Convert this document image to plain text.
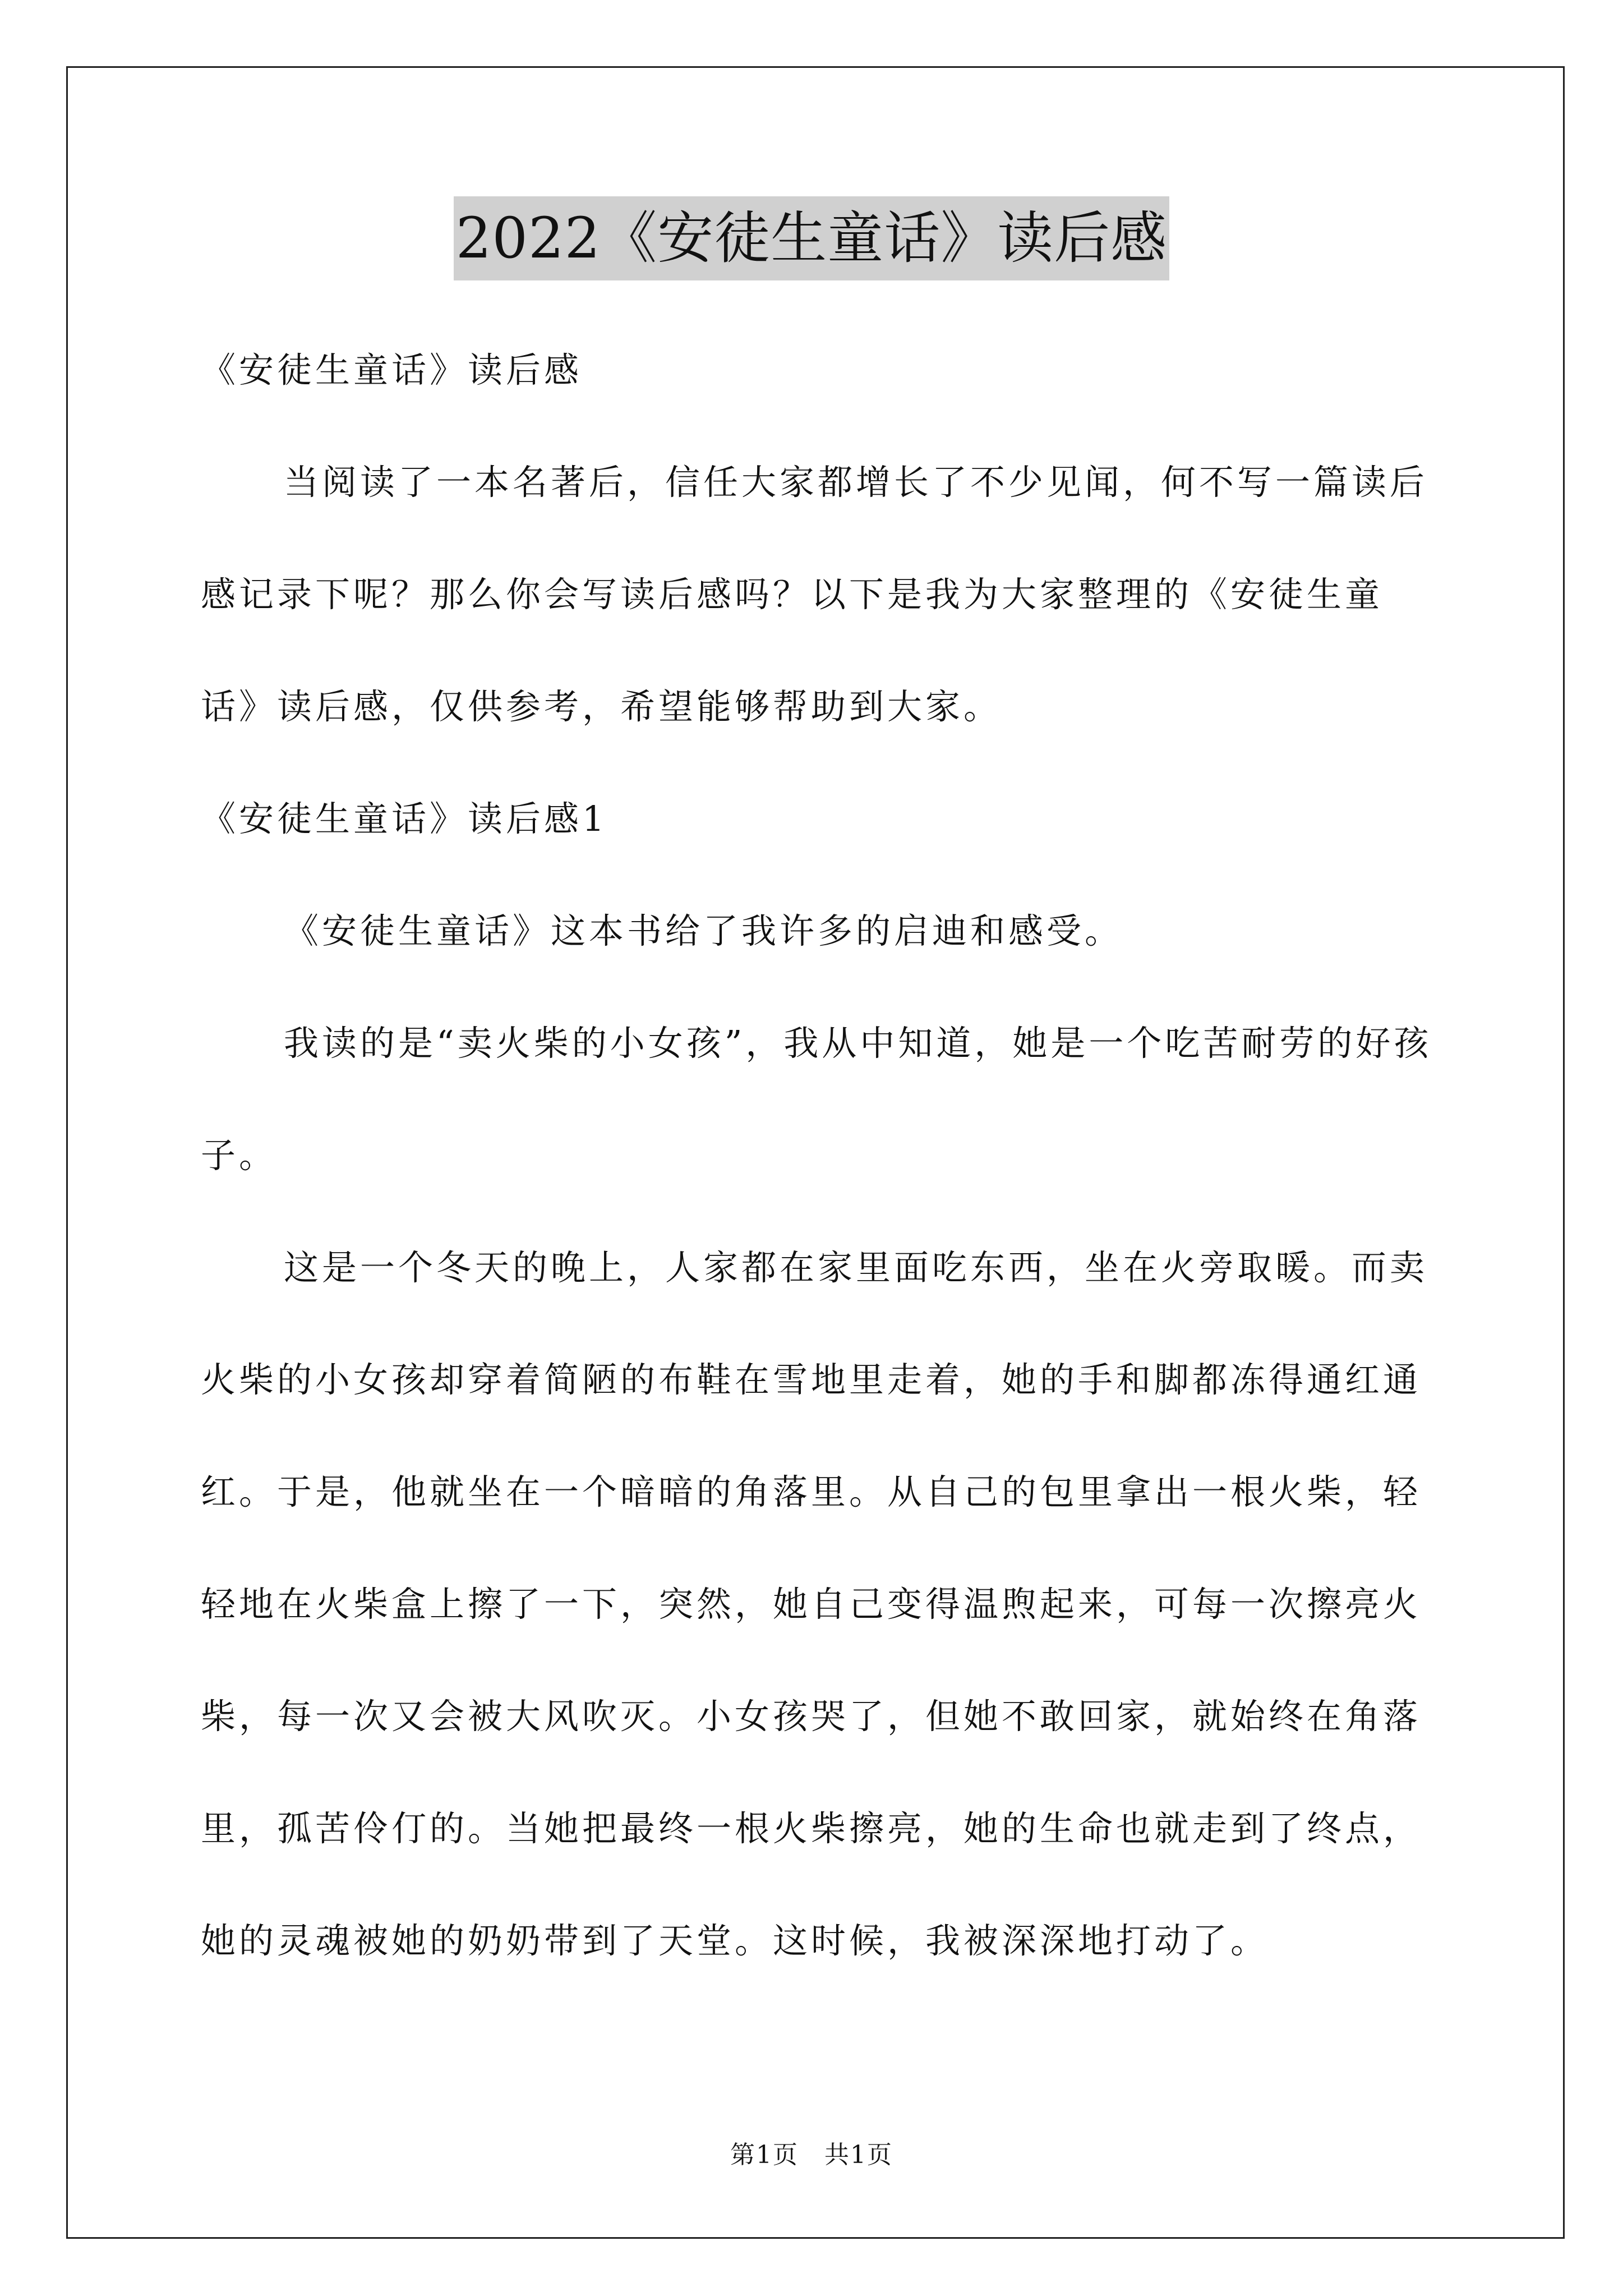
2022《安徒生童话》读后感

《安徒生童话》读后感

当阅读了一本名著后，信任大家都增长了不少见闻，何不写一篇读后感记录下呢？那么你会写读后感吗？以下是我为大家整理的《安徒生童话》读后感，仅供参考，希望能够帮助到大家。

《安徒生童话》读后感1

《安徒生童话》这本书给了我许多的启迪和感受。

我读的是“卖火柴的小女孩”，我从中知道，她是一个吃苦耐劳的好孩子。

这是一个冬天的晚上，人家都在家里面吃东西，坐在火旁取暖。而卖火柴的小女孩却穿着简陋的布鞋在雪地里走着，她的手和脚都冻得通红通红。于是，他就坐在一个暗暗的角落里。从自己的包里拿出一根火柴，轻轻地在火柴盒上擦了一下，突然，她自己变得温煦起来，可每一次擦亮火柴，每一次又会被大风吹灭。小女孩哭了，但她不敢回家，就始终在角落里，孤苦伶仃的。当她把最终一根火柴擦亮，她的生命也就走到了终点，她的灵魂被她的奶奶带到了天堂。这时候，我被深深地打动了。

第1页　共1页
